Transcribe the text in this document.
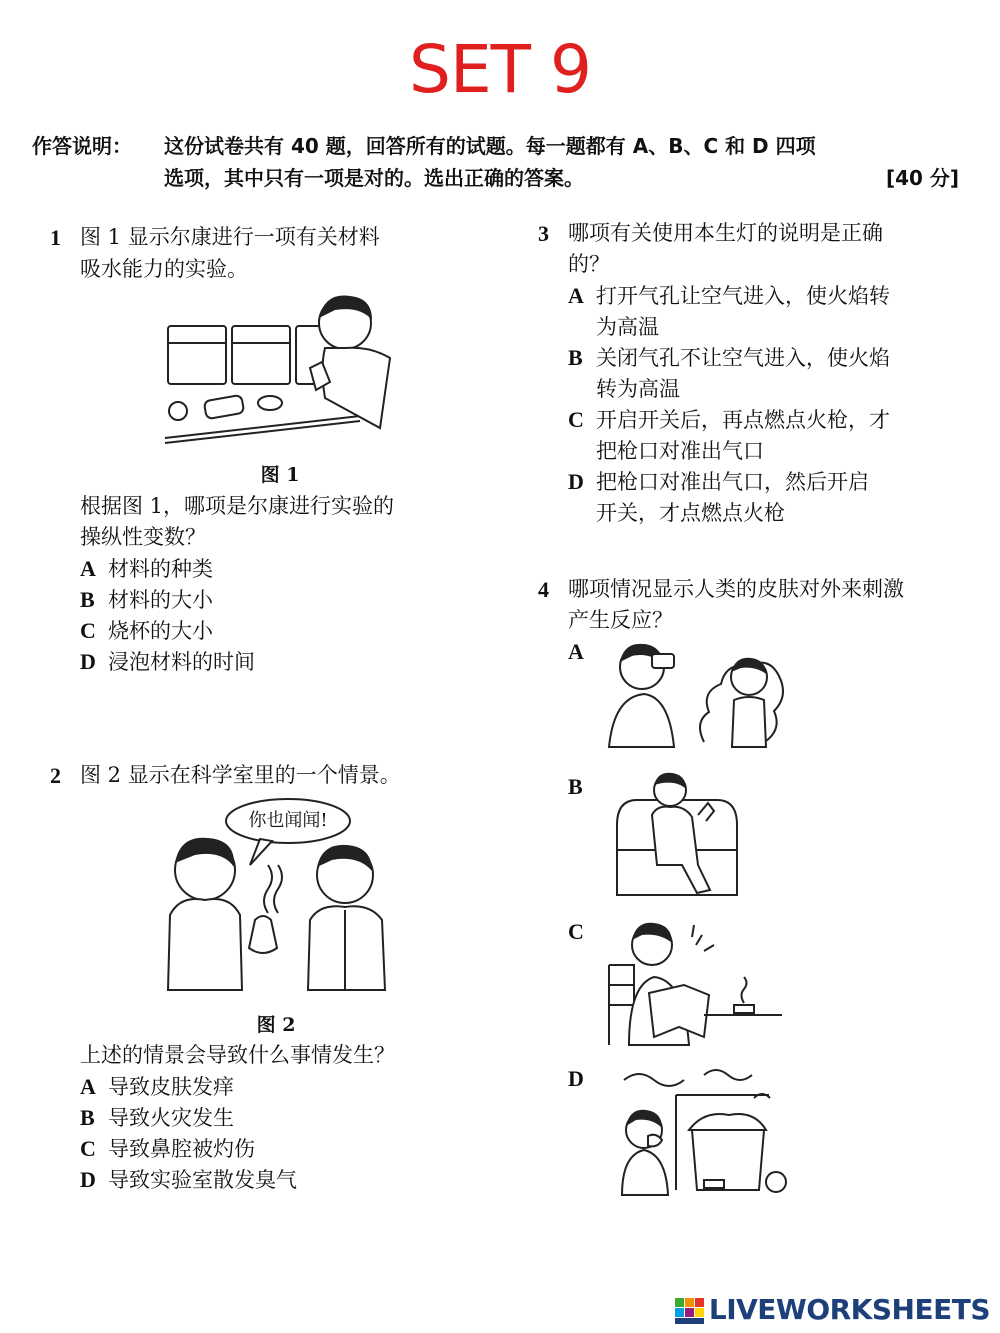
SET 9
作答说明： 这份试卷共有 40 题，回答所有的试题。每一题都有 A、B、C 和 D 四项
选项，其中只有一项是对的。选出正确的答案。	[40 分]
1 图 1 显示尔康进行一项有关材料
吸水能力的实验。
图 1
根据图 1，哪项是尔康进行实验的
操纵性变数？
A 材料的种类
B 材料的大小
C 烧杯的大小
D 浸泡材料的时间
2 图 2 显示在科学室里的一个情景。
你也闻闻!
图 2
上述的情景会导致什么事情发生？
A 导致皮肤发痒
B 导致火灾发生
C 导致鼻腔被灼伤
D 导致实验室散发臭气
3 哪项有关使用本生灯的说明是正确
的？
A 打开气孔让空气进入，使火焰转
为高温
B 关闭气孔不让空气进入，使火焰
转为高温
C 开启开关后，再点燃点火枪，才
把枪口对准出气口
D 把枪口对准出气口，然后开启
开关，才点燃点火枪
4 哪项情况显示人类的皮肤对外来刺激
产生反应？
A
B
C
D
LIVEWORKSHEETS
